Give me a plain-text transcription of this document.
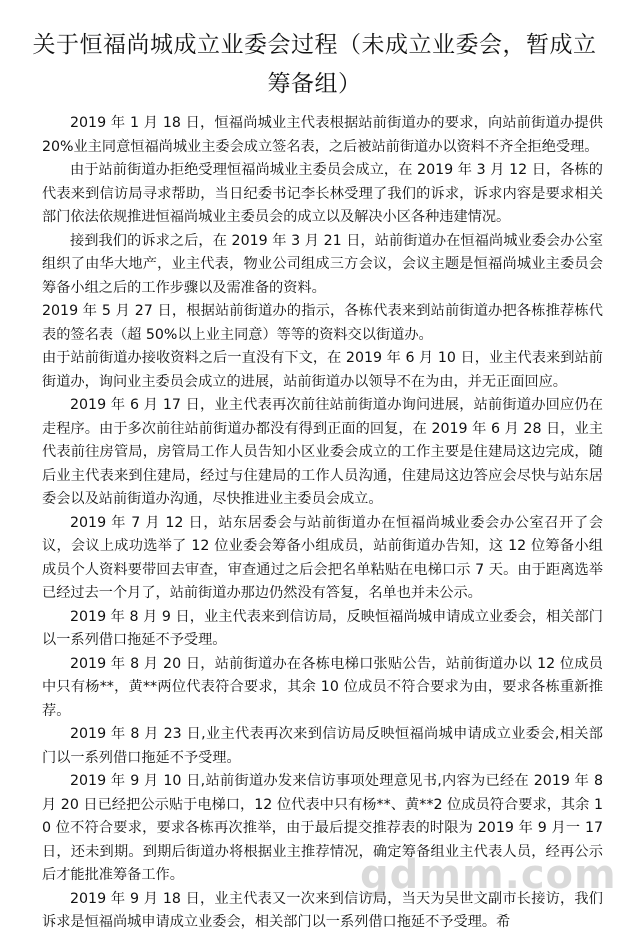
关于恒福尚城成立业委会过程（未成立业委会，暂成立筹备组）

2019 年 1 月 18 日，恒福尚城业主代表根据站前街道办的要求，向站前街道办提供 20%业主同意恒福尚城业主委会成立签名表，之后被站前街道办以资料不齐全拒绝受理。

由于站前街道办拒绝受理恒福尚城业主委员会成立，在 2019 年 3 月 12 日，各栋的代表来到信访局寻求帮助，当日纪委书记李长林受理了我们的诉求，诉求内容是要求相关部门依法依规推进恒福尚城业主委员会的成立以及解决小区各种违建情况。

接到我们的诉求之后，在 2019 年 3 月 21 日，站前街道办在恒福尚城业委会办公室组织了由华大地产，业主代表，物业公司组成三方会议，会议主题是恒福尚城业主委员会筹备小组之后的工作步骤以及需准备的资料。

2019 年 5 月 27 日，根据站前街道办的指示，各栋代表来到站前街道办把各栋推荐栋代表的签名表（超 50%以上业主同意）等等的资料交以街道办。

由于站前街道办接收资料之后一直没有下文，在 2019 年 6 月 10 日，业主代表来到站前街道办，询问业主委员会成立的进展，站前街道办以领导不在为由，并无正面回应。

2019 年 6 月 17 日，业主代表再次前往站前街道办询问进展，站前街道办回应仍在走程序。由于多次前往站前街道办都没有得到正面的回复，在 2019 年 6 月 28 日，业主代表前往房管局，房管局工作人员告知小区业委会成立的工作主要是住建局这边完成，随后业主代表来到住建局，经过与住建局的工作人员沟通，住建局这边答应会尽快与站东居委会以及站前街道办沟通，尽快推进业主委员会成立。

2019 年 7 月 12 日，站东居委会与站前街道办在恒福尚城业委会办公室召开了会议，会议上成功选举了 12 位业委会筹备小组成员，站前街道办告知，这 12 位筹备小组成员个人资料要带回去审查，审查通过之后会把名单粘贴在电梯口示 7 天。由于距离选举已经过去一个月了，站前街道办那边仍然没有答复，名单也并未公示。

2019 年 8 月 9 日，业主代表来到信访局，反映恒福尚城申请成立业委会，相关部门以一系列借口拖延不予受理。

2019 年 8 月 20 日，站前街道办在各栋电梯口张贴公告，站前街道办以 12 位成员中只有杨**，黄**两位代表符合要求，其余 10 位成员不符合要求为由，要求各栋重新推荐。

2019 年 8 月 23 日,业主代表再次来到信访局反映恒福尚城申请成立业委会,相关部门以一系列借口拖延不予受理。

2019 年 9 月 10 日,站前街道办发来信访事项处理意见书,内容为已经在 2019 年 8 月 20 日已经把公示贴于电梯口，12 位代表中只有杨**、黄**2 位成员符合要求，其余 10 位不符合要求，要求各栋再次推举，由于最后提交推荐表的时限为 2019 年 9 月一 17 日，还未到期。到期后街道办将根据业主推荐情况，确定筹备组业主代表人员，经再公示后才能批准筹备工作。

2019 年 9 月 18 日，业主代表又一次来到信访局，当天为吴世文副市长接访，我们诉求是恒福尚城申请成立业委会，相关部门以一系列借口拖延不予受理。希

gdmm.com
